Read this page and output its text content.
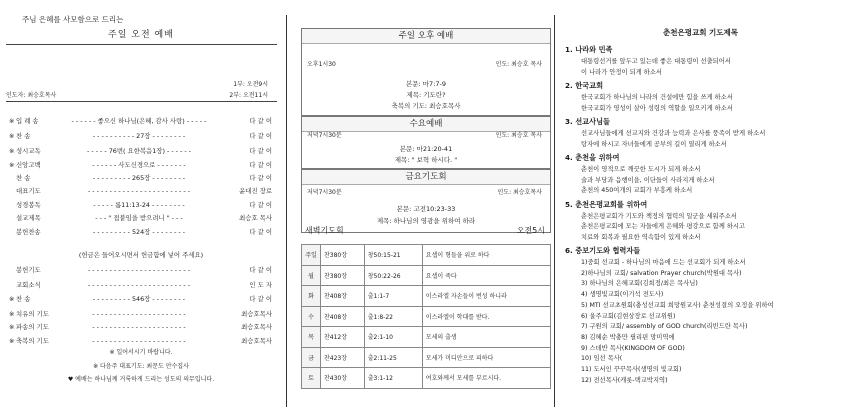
주님 은혜를 사모함으로 드리는
주일 오전 예배
1부: 오전9시
인도자: 최승호목사	2부: 오전11시
※ 입 례 송	- - - - - - 좋으신 하나님(은혜, 감사 사랑) - - - - -	다 같 이
※ 찬 송	- - - - - - - - - - 27장 - - - - - - - -	다 같 이
※ 성시교독	- - - - - 76번( 요한복음1장) - - - - - -	다 같 이
※ 신앙고백	- - - - - - 사도신경으로 - - - - - - -	다 같 이
찬 송	- - - - - - - - - 265장 - - - - - - - -	다 같 이
대표기도	- - - - - - - - - - - - - - - - - - - - - - - -	윤대진 장로
성경봉독	- - - - - 롬11:13-24 - - - - - - - -	다 같 이
설교제목	- - - " 접붙임을 받으려니 " - - -	최승호 목사
봉헌찬송	- - - - - - - - - 524장 - - - - - - - -	다 같 이
(헌금은 들어오시면서 헌금함에 넣어 주세요)
봉헌기도	- - - - - - - - - - - - - - - - - - - - - - - -	다 같 이
교회소식	- - - - - - - - - - - - - - - - - - - - - - - -	인 도 자
※ 찬 송	- - - - - - - - - 546장 - - - - - - - -	다 같 이
※ 치유의 기도	- - - - - - - - - - - - - - - - - - - - - -	최승호목사
※ 파송의 기도	- - - - - - - - - - - - - - - - - - - - - -	최승호목사
※ 축복의 기도	- - - - - - - - - - - - - - - - - - - - - -	최승호목사
※ 일어서시기 바랍니다.
※ 다음주 대표기도: 최문도 안수집사
♥ 예배는 하나님께 거룩하게 드리는 성도의 의무입니다.
주일 오후 예배
오후1시30	인도: 최승호 목사
본문: 마7:7-9
제목: 기도란?
축복의 기도: 최승호목사
수요예배
저녁7시30분	인도: 최승호 목사
본문: 마21:20-41
제목: " 보혁 하시다. "
금요기도회
저녁7시30분	인도: 최승호목사
본문: 고전10:23-33
제목: 하나님의 영광을 위하여 하라
새벽기도회	오전5시
주일	찬380장	창50:15-21	요셉이 형들을 위로 하다
월	찬380장	창50:22-26	요셉이 죽다
화	찬408장	출1:1-7	이스라엘 자손들이 번성 하니라
수	찬408장	출1:8-22	이스라엘이 학대를 받다.
목	찬412장	출2:1-10	모세의 출생
금	찬423장	출2:11-25	모세가 미디안으로 피하다
토	찬430장	출3:1-12	여호와께서 모세를 부르시다.
춘천은평교회 기도제목
1. 나라와 민족
대통령선거를 앞두고 있는데 좋은 대통령이 선출되어서
이 나라가 안정이 되게 하소서
2. 한국교회
한국교회가 하나님의 나라의 건설에만 힘을 쓰게 하소서
한국교회가 영성이 살아 성령의 역할을 일으키게 하소서
3. 선교사님들
선교사님들에게 선교지와 건강과 능력과 은사를 풍족이 받게 하소서
탕자에 하시고 자녀들에게 공부의 길이 열리게 하소서
4. 춘천을 위하여
춘천이 영적으로 깨끗한 도시가 되게 하소서
술과 부당과 음행이을, 이단들이 사라지게 하소서
춘천의 450여개의 교회가 부흥케 하소서
5. 춘천은평교회를 위하여
춘천은평교회가 기도와 책정의 협력의 일군을 세워주소서
춘천은평교회에 모는 자들에게 은혜와 평강으로 함께 하시고
치료와 회복과 필요한 역속함이 있게 하소서
6. 중보기도와 협력자들
1)중회 선교회 - 하나님의 마음에 드는 선교회가 되게 하소서
2)하나님의 교회/ salvation Prayer church(박원대 목사)
3) 하나님의 은혜교회(김희정/최은 목사님)
4) 생명빛교회(이기석 전도사)
5) MTI 선교초원회(충성선교회 희망원교사) 춘천성결의 오정을 위하여
6) 울주교회(김현상장로 선교위원)
7) 구원의 교회/ assembly of GOD church(리빈드란 목사)
8) 김혜순 박충만 필리핀 망미역에
9) 스데반 목사(KINGDOM OF GOD)
10) 임선 목사(
11) 도서인 꾸꾸목사(생명의 빛교회)
12) 전선목사(캐롯-택교박지역)
